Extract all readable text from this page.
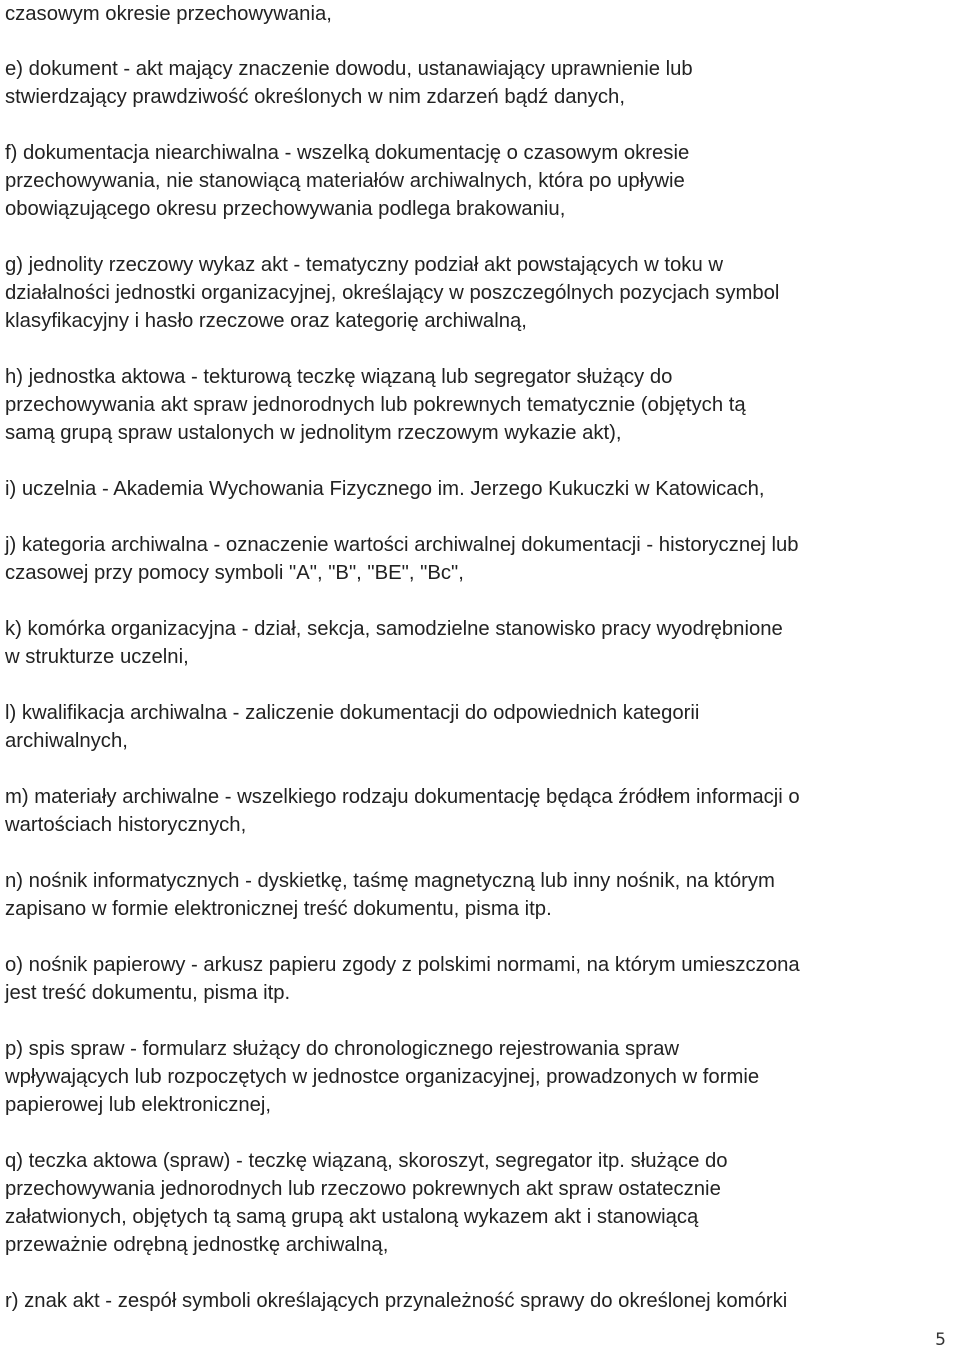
czasowym okresie przechowywania,

e) dokument - akt mający znaczenie dowodu, ustanawiający uprawnienie lub
stwierdzający prawdziwość określonych w nim zdarzeń bądź danych,

f) dokumentacja niearchiwalna - wszelką dokumentację o czasowym okresie
przechowywania, nie stanowiącą materiałów archiwalnych, która po upływie
obowiązującego okresu przechowywania podlega brakowaniu,

g) jednolity rzeczowy wykaz akt - tematyczny podział akt powstających w toku w
działalności jednostki organizacyjnej, określający w poszczególnych pozycjach symbol
klasyfikacyjny i hasło rzeczowe oraz kategorię archiwalną,

h) jednostka aktowa - tekturową teczkę wiązaną lub segregator służący do
przechowywania akt spraw jednorodnych lub pokrewnych tematycznie (objętych tą
samą grupą spraw ustalonych w jednolitym rzeczowym wykazie akt),

i) uczelnia - Akademia Wychowania Fizycznego im. Jerzego Kukuczki w Katowicach,

j) kategoria archiwalna - oznaczenie wartości archiwalnej dokumentacji - historycznej lub
czasowej przy pomocy symboli "A", "B", "BE", "Bc",

k) komórka organizacyjna - dział, sekcja, samodzielne stanowisko pracy wyodrębnione
w strukturze uczelni,

l) kwalifikacja archiwalna - zaliczenie dokumentacji do odpowiednich kategorii
archiwalnych,

m) materiały archiwalne - wszelkiego rodzaju dokumentację będąca źródłem informacji o
wartościach historycznych,

n) nośnik informatycznych - dyskietkę, taśmę magnetyczną lub inny nośnik, na którym
zapisano w formie elektronicznej treść dokumentu, pisma itp.

o) nośnik papierowy - arkusz papieru zgody z polskimi normami, na którym umieszczona
jest treść dokumentu, pisma itp.

p) spis spraw - formularz służący do chronologicznego rejestrowania spraw
wpływających lub rozpoczętych w jednostce organizacyjnej, prowadzonych w formie
papierowej lub elektronicznej,

q) teczka aktowa (spraw) - teczkę wiązaną, skoroszyt, segregator itp. służące do
przechowywania jednorodnych lub rzeczowo pokrewnych akt spraw ostatecznie
załatwionych, objętych tą samą grupą akt ustaloną wykazem akt i stanowiącą
przeważnie odrębną jednostkę archiwalną,

r) znak akt - zespół symboli określających przynależność sprawy do określonej komórki

5
